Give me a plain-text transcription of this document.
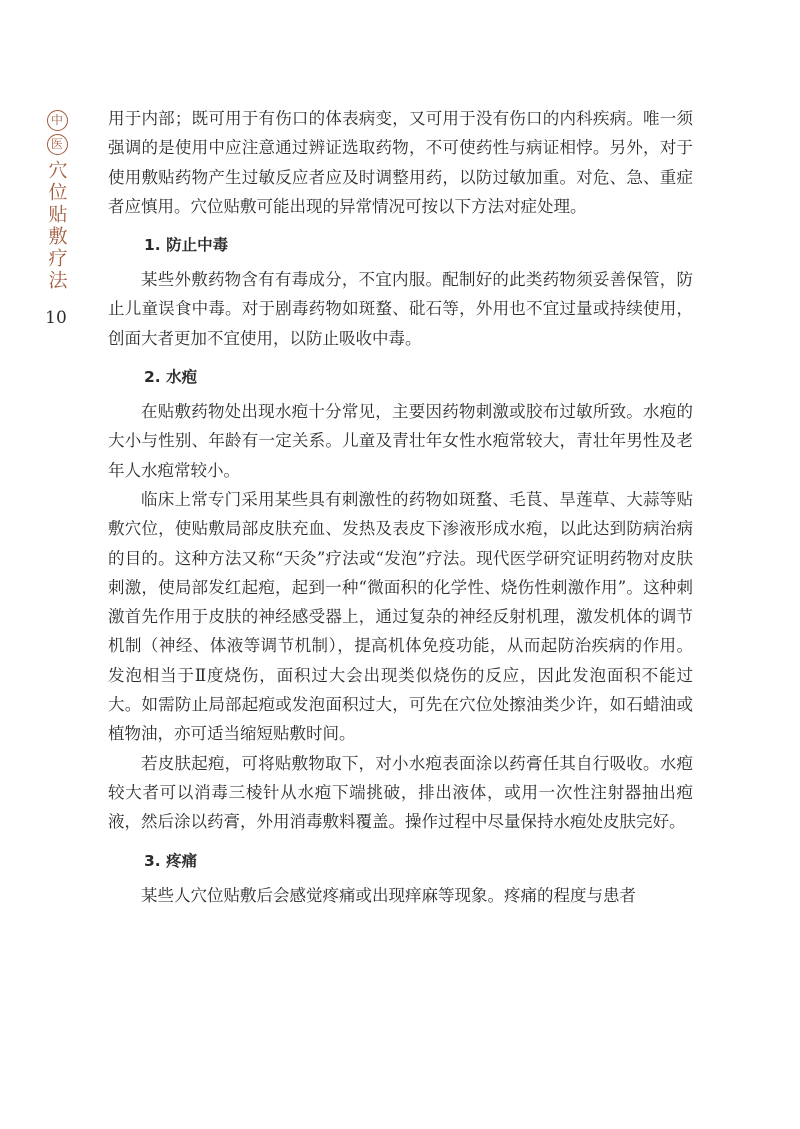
中
医
穴位贴敷疗法
10

用于内部；既可用于有伤口的体表病变，又可用于没有伤口的内科疾病。唯一须强调的是使用中应注意通过辨证选取药物，不可使药性与病证相悖。另外，对于使用敷贴药物产生过敏反应者应及时调整用药，以防过敏加重。对危、急、重症者应慎用。穴位贴敷可能出现的异常情况可按以下方法对症处理。

1. 防止中毒

某些外敷药物含有有毒成分，不宜内服。配制好的此类药物须妥善保管，防止儿童误食中毒。对于剧毒药物如斑蝥、砒石等，外用也不宜过量或持续使用，创面大者更加不宜使用，以防止吸收中毒。

2. 水疱

在贴敷药物处出现水疱十分常见，主要因药物刺激或胶布过敏所致。水疱的大小与性别、年龄有一定关系。儿童及青壮年女性水疱常较大，青壮年男性及老年人水疱常较小。

临床上常专门采用某些具有刺激性的药物如斑蝥、毛茛、旱莲草、大蒜等贴敷穴位，使贴敷局部皮肤充血、发热及表皮下渗液形成水疱，以此达到防病治病的目的。这种方法又称“天灸”疗法或“发泡”疗法。现代医学研究证明药物对皮肤刺激，使局部发红起疱，起到一种“微面积的化学性、烧伤性刺激作用”。这种刺激首先作用于皮肤的神经感受器上，通过复杂的神经反射机理，激发机体的调节机制（神经、体液等调节机制），提高机体免疫功能，从而起防治疾病的作用。发泡相当于Ⅱ度烧伤，面积过大会出现类似烧伤的反应，因此发泡面积不能过大。如需防止局部起疱或发泡面积过大，可先在穴位处擦油类少许，如石蜡油或植物油，亦可适当缩短贴敷时间。

若皮肤起疱，可将贴敷物取下，对小水疱表面涂以药膏任其自行吸收。水疱较大者可以消毒三棱针从水疱下端挑破，排出液体，或用一次性注射器抽出疱液，然后涂以药膏，外用消毒敷料覆盖。操作过程中尽量保持水疱处皮肤完好。

3. 疼痛

某些人穴位贴敷后会感觉疼痛或出现痒麻等现象。疼痛的程度与患者
